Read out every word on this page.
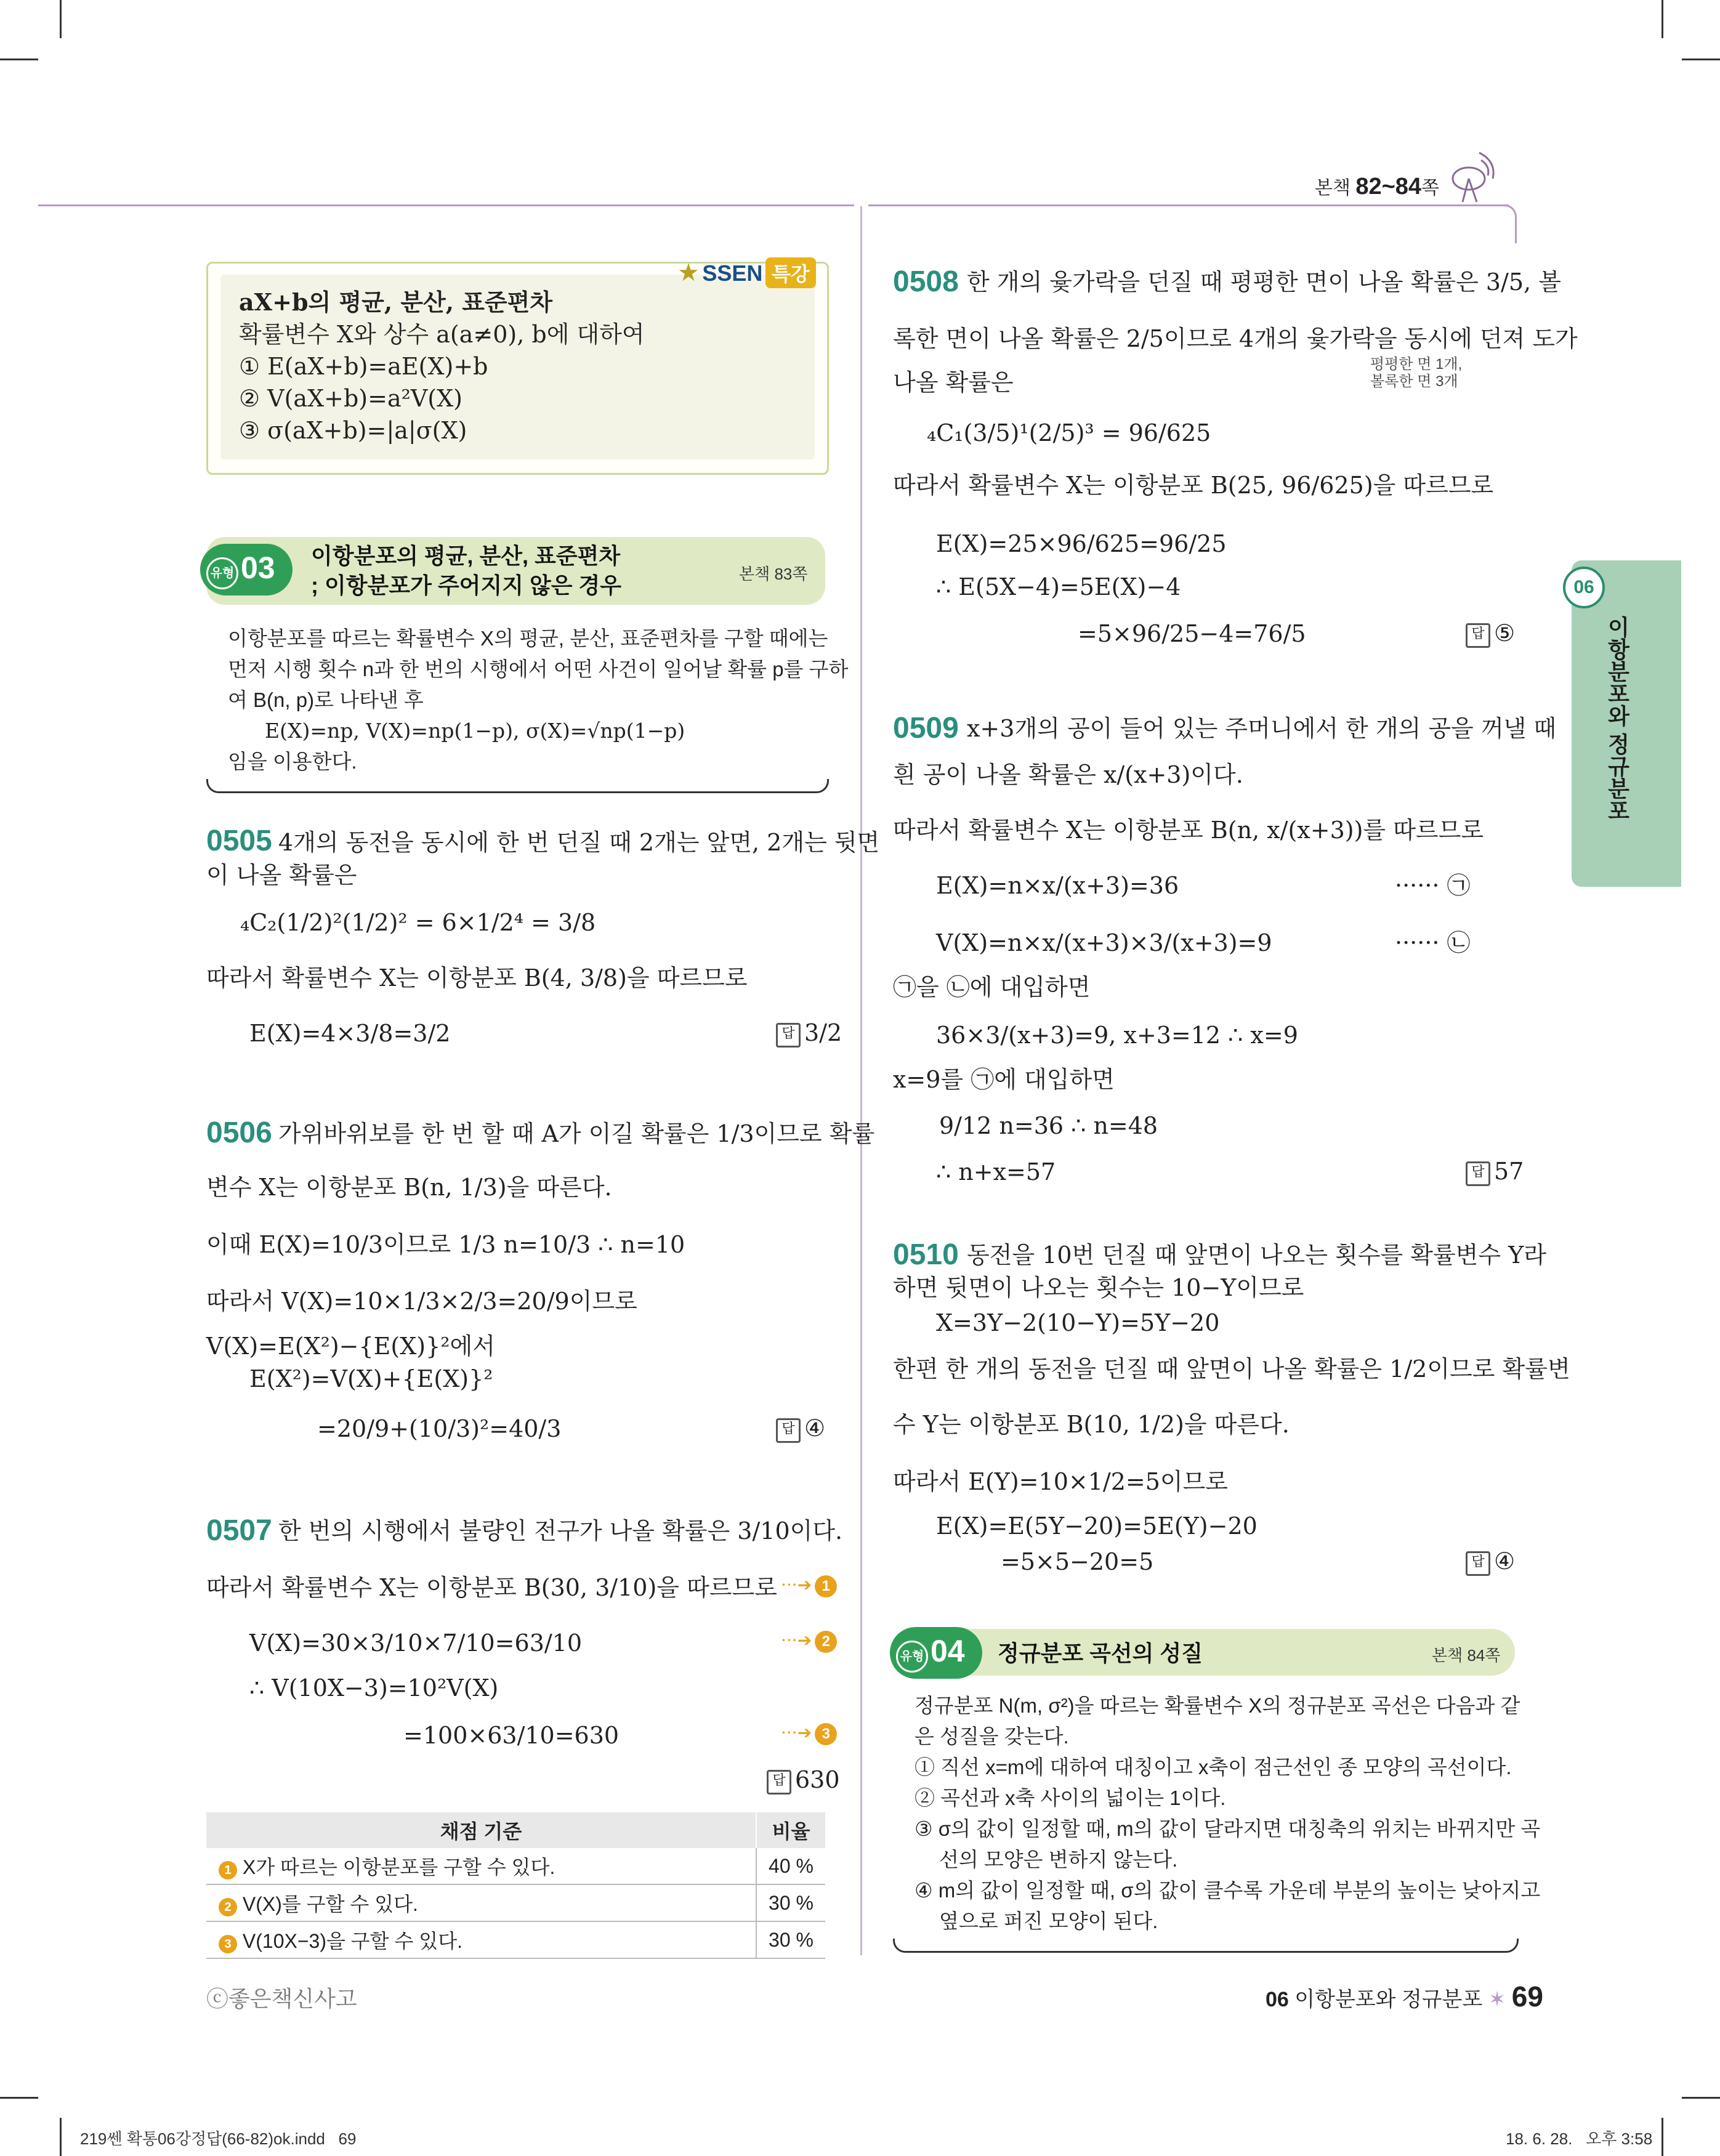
본책 82~84쪽
06
이항분포와 정규분포
aX+b의 평균, 분산, 표준편차
확률변수 X와 상수 a(a≠0), b에 대하여
① E(aX+b)=aE(X)+b
② V(aX+b)=a²V(X)
③ σ(aX+b)=|a|σ(X)
★ SSEN 특강
유형 03 이항분포의 평균, 분산, 표준편차
; 이항분포가 주어지지 않은 경우	본책 83쪽
이항분포를 따르는 확률변수 X의 평균, 분산, 표준편차를 구할 때에는
먼저 시행 횟수 n과 한 번의 시행에서 어떤 사건이 일어날 확률 p를 구하
여 B(n, p)로 나타낸 후
E(X)=np, V(X)=np(1−p), σ(X)=√np(1−p)
임을 이용한다.
0505 4개의 동전을 동시에 한 번 던질 때 2개는 앞면, 2개는 뒷면
이 나올 확률은
₄C₂(1/2)²(1/2)² = 6×1/2⁴ = 3/8
따라서 확률변수 X는 이항분포 B(4, 3/8)을 따르므로
E(X)=4×3/8=3/2	답 3/2
0506 가위바위보를 한 번 할 때 A가 이길 확률은 1/3이므로 확률
변수 X는 이항분포 B(n, 1/3)을 따른다.
이때 E(X)=10/3이므로 1/3 n=10/3 ∴ n=10
따라서 V(X)=10×1/3×2/3=20/9이므로
V(X)=E(X²)−{E(X)}²에서
E(X²)=V(X)+{E(X)}²
=20/9+(10/3)²=40/3	답 ④
0507 한 번의 시행에서 불량인 전구가 나올 확률은 3/10이다.
따라서 확률변수 X는 이항분포 B(30, 3/10)을 따르므로 ···➔ 1
V(X)=30×3/10×7/10=63/10	···➔ 2
∴ V(10X−3)=10²V(X)
=100×63/10=630	···➔ 3
답 630
채점 기준	비율
1 X가 따르는 이항분포를 구할 수 있다.	40 %
2 V(X)를 구할 수 있다.	30 %
3 V(10X−3)을 구할 수 있다.	30 %
0508 한 개의 윷가락을 던질 때 평평한 면이 나올 확률은 3/5, 볼
록한 면이 나올 확률은 2/5이므로 4개의 윷가락을 동시에 던져 도가
평평한 면 1개,
볼록한 면 3개
나올 확률은
₄C₁(3/5)¹(2/5)³ = 96/625
따라서 확률변수 X는 이항분포 B(25, 96/625)을 따르므로
E(X)=25×96/625=96/25
∴ E(5X−4)=5E(X)−4
=5×96/25−4=76/5	답 ⑤
0509 x+3개의 공이 들어 있는 주머니에서 한 개의 공을 꺼낼 때
흰 공이 나올 확률은 x/(x+3)이다.
따라서 확률변수 X는 이항분포 B(n, x/(x+3))를 따르므로
E(X)=n×x/(x+3)=36	······ ㉠
V(X)=n×x/(x+3)×3/(x+3)=9	······ ㉡
㉠을 ㉡에 대입하면
36×3/(x+3)=9, x+3=12 ∴ x=9
x=9를 ㉠에 대입하면
9/12 n=36 ∴ n=48
∴ n+x=57	답 57
0510 동전을 10번 던질 때 앞면이 나오는 횟수를 확률변수 Y라
하면 뒷면이 나오는 횟수는 10−Y이므로
X=3Y−2(10−Y)=5Y−20
한편 한 개의 동전을 던질 때 앞면이 나올 확률은 1/2이므로 확률변
수 Y는 이항분포 B(10, 1/2)을 따른다.
따라서 E(Y)=10×1/2=5이므로
E(X)=E(5Y−20)=5E(Y)−20
=5×5−20=5	답 ④
유형 04 정규분포 곡선의 성질	본책 84쪽
정규분포 N(m, σ²)을 따르는 확률변수 X의 정규분포 곡선은 다음과 같
은 성질을 갖는다.
① 직선 x=m에 대하여 대칭이고 x축이 점근선인 종 모양의 곡선이다.
② 곡선과 x축 사이의 넓이는 1이다.
③ σ의 값이 일정할 때, m의 값이 달라지면 대칭축의 위치는 바뀌지만 곡
선의 모양은 변하지 않는다.
④ m의 값이 일정할 때, σ의 값이 클수록 가운데 부분의 높이는 낮아지고
옆으로 퍼진 모양이 된다.
ⓒ좋은책신사고	06 이항분포와 정규분포 ✶ 69
219쎈 확통06강정답(66-82)ok.indd   69	18. 6. 28.   오후 3:58
